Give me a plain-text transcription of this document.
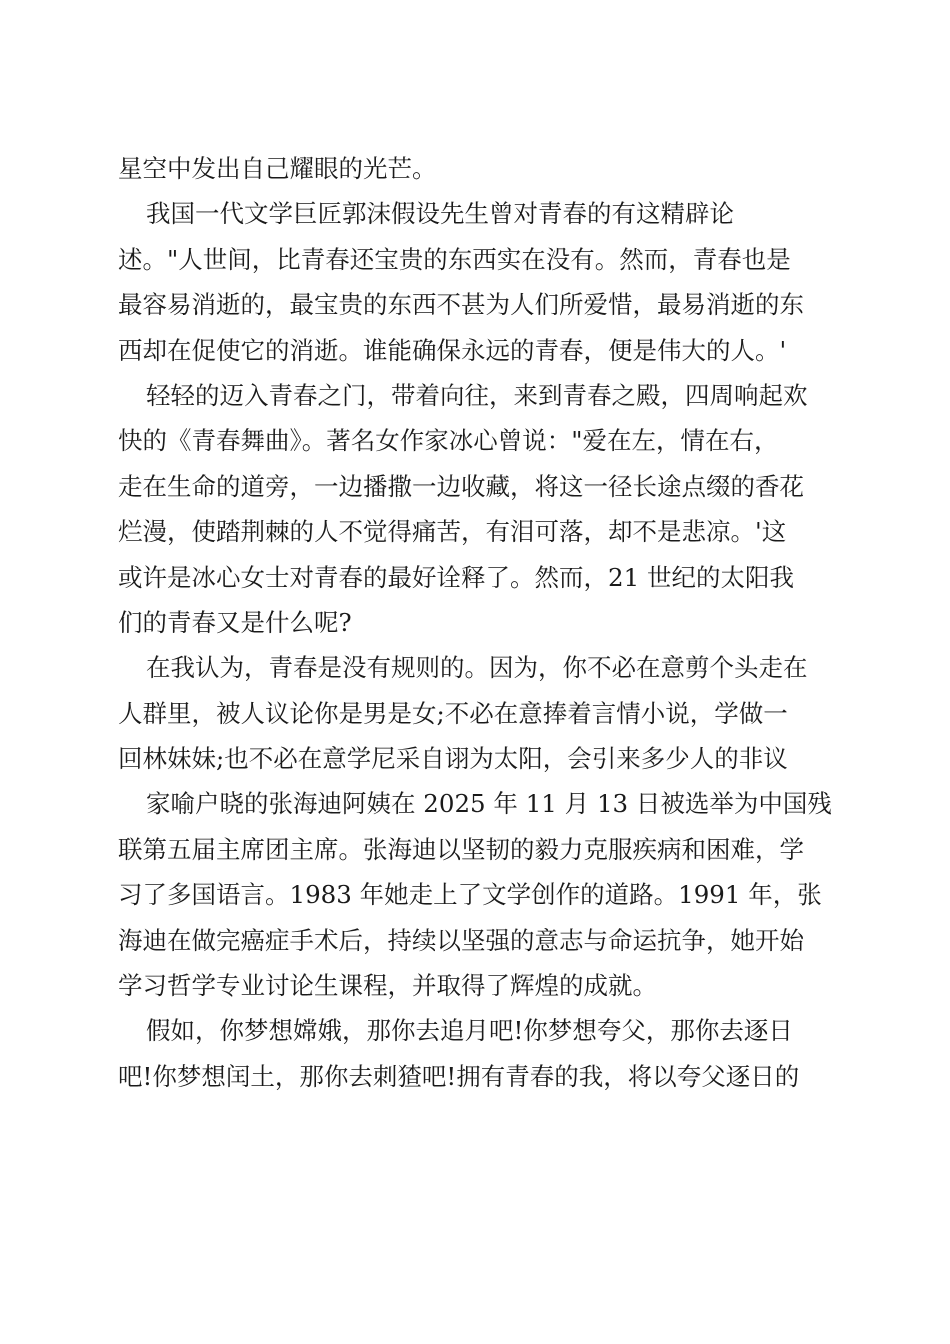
星空中发出自己耀眼的光芒。
我国一代文学巨匠郭沫假设先生曾对青春的有这精辟论
述。"人世间，比青春还宝贵的东西实在没有。然而，青春也是
最容易消逝的，最宝贵的东西不甚为人们所爱惜，最易消逝的东
西却在促使它的消逝。谁能确保永远的青春，便是伟大的人。'
轻轻的迈入青春之门，带着向往，来到青春之殿，四周响起欢
快的《青春舞曲》。著名女作家冰心曾说："爱在左，情在右，
走在生命的道旁，一边播撒一边收藏，将这一径长途点缀的香花
烂漫，使踏荆棘的人不觉得痛苦，有泪可落，却不是悲凉。'这
或许是冰心女士对青春的最好诠释了。然而，21 世纪的太阳我
们的青春又是什么呢?
在我认为，青春是没有规则的。因为，你不必在意剪个头走在
人群里，被人议论你是男是女;不必在意捧着言情小说，学做一
回林妹妹;也不必在意学尼采自诩为太阳，会引来多少人的非议
家喻户晓的张海迪阿姨在 2025 年 11 月 13 日被选举为中国残
联第五届主席团主席。张海迪以坚韧的毅力克服疾病和困难，学
习了多国语言。1983 年她走上了文学创作的道路。1991 年，张
海迪在做完癌症手术后，持续以坚强的意志与命运抗争，她开始
学习哲学专业讨论生课程，并取得了辉煌的成就。
假如，你梦想嫦娥，那你去追月吧!你梦想夸父，那你去逐日
吧!你梦想闰土，那你去刺猹吧!拥有青春的我，将以夸父逐日的
